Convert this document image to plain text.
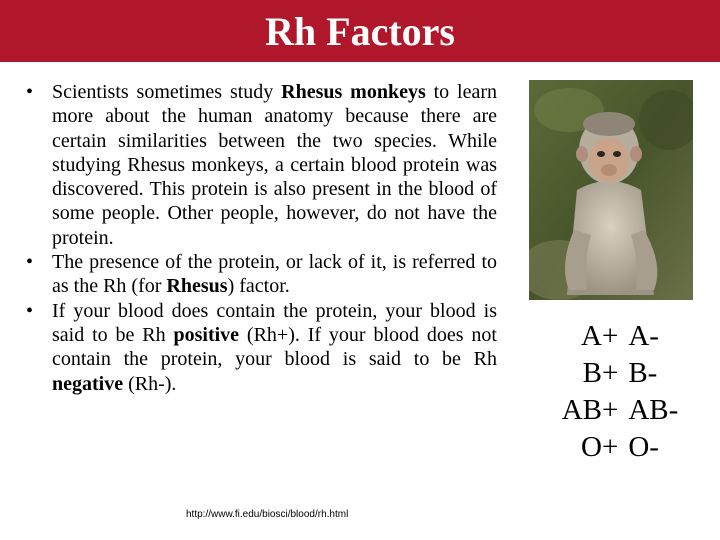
Rh Factors
• Scientists sometimes study Rhesus monkeys to learn more about the human anatomy because there are certain similarities between the two species. While studying Rhesus monkeys, a certain blood protein was discovered. This protein is also present in the blood of some people. Other people, however, do not have the protein.
• The presence of the protein, or lack of it, is referred to as the Rh (for Rhesus) factor.
• If your blood does contain the protein, your blood is said to be Rh positive (Rh+). If your blood does not contain the protein, your blood is said to be Rh negative (Rh-).
http://www.fi.edu/biosci/blood/rh.html
A+ A-
B+ B-
AB+ AB-
O+ O-
